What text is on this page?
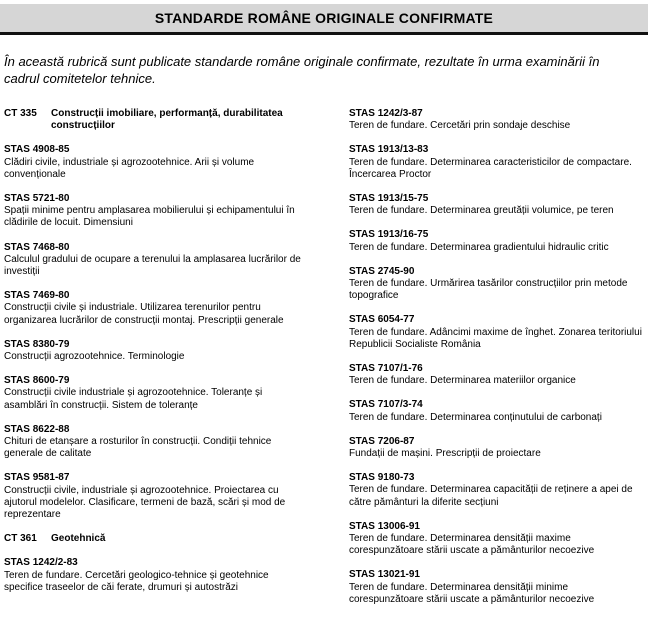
STANDARDE ROMÂNE ORIGINALE CONFIRMATE
În această rubrică sunt publicate standarde române originale confirmate, rezultate în urma examinării în cadrul comitetelor tehnice.
CT 335	Construcții imobiliare, performanță, durabilitatea construcțiilor
STAS 4908-85
Clădiri civile, industriale și agrozootehnice. Arii și volume convenționale
STAS 5721-80
Spații minime pentru amplasarea mobilierului și echipamentului în clădirile de locuit. Dimensiuni
STAS 7468-80
Calculul gradului de ocupare a terenului la amplasarea lucrărilor de investiții
STAS 7469-80
Construcții civile și industriale. Utilizarea terenurilor pentru organizarea lucrărilor de construcții montaj. Prescripții generale
STAS 8380-79
Construcții agrozootehnice. Terminologie
STAS 8600-79
Construcții civile industriale și agrozootehnice. Toleranțe și asamblări în construcții. Sistem de toleranțe
STAS 8622-88
Chituri de etanșare a rosturilor în construcții. Condiții tehnice generale de calitate
STAS 9581-87
Construcții civile, industriale și agrozootehnice. Proiectarea cu ajutorul modelelor. Clasificare, termeni de bază, scări și mod de reprezentare
CT 361	Geotehnică
STAS 1242/2-83
Teren de fundare. Cercetări geologico-tehnice și geotehnice specifice traseelor de căi ferate, drumuri și autostrăzi
STAS 1242/3-87
Teren de fundare. Cercetări prin sondaje deschise
STAS 1913/13-83
Teren de fundare. Determinarea caracteristicilor de compactare. Încercarea Proctor
STAS 1913/15-75
Teren de fundare. Determinarea greutății volumice, pe teren
STAS 1913/16-75
Teren de fundare. Determinarea gradientului hidraulic critic
STAS 2745-90
Teren de fundare. Urmărirea tasărilor construcțiilor prin metode topografice
STAS 6054-77
Teren de fundare. Adâncimi maxime de înghet. Zonarea teritoriului Republicii Socialiste România
STAS 7107/1-76
Teren de fundare. Determinarea materiilor organice
STAS 7107/3-74
Teren de fundare. Determinarea conținutului de carbonați
STAS 7206-87
Fundații de mașini. Prescripții de proiectare
STAS 9180-73
Teren de fundare. Determinarea capacității de reținere a apei de către pământuri la diferite secțiuni
STAS 13006-91
Teren de fundare. Determinarea densității maxime corespunzătoare stării uscate a pământurilor necoezive
STAS 13021-91
Teren de fundare. Determinarea densității minime corespunzătoare stării uscate a pământurilor necoezive
